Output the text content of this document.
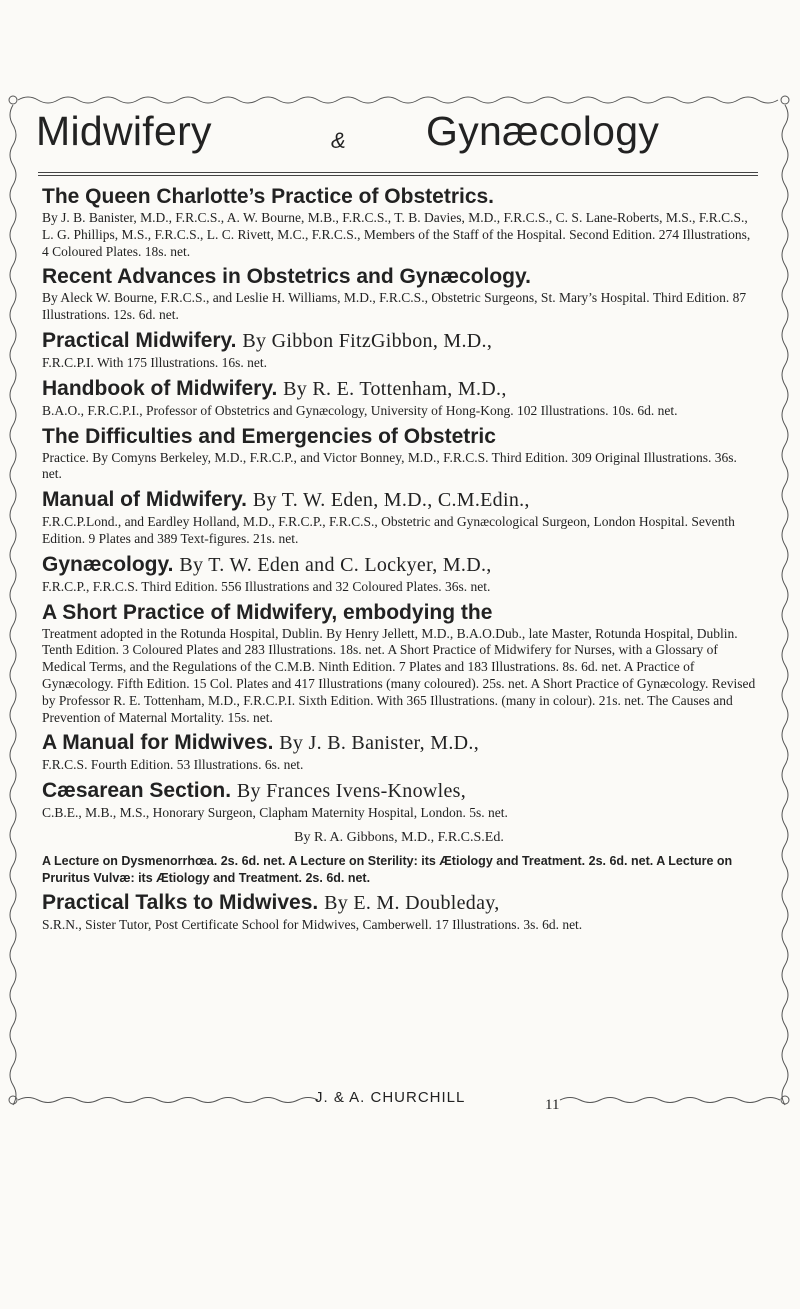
Midwifery	& Gynæcology
The Queen Charlotte’s Practice of Obstetrics.
By J. B. Banister, M.D., F.R.C.S., A. W. Bourne, M.B., F.R.C.S., T. B. Davies, M.D., F.R.C.S., C. S. Lane-Roberts, M.S., F.R.C.S., L. G. Phillips, M.S., F.R.C.S., L. C. Rivett, M.C., F.R.C.S., Members of the Staff of the Hospital. Second Edition. 274 Illustrations, 4 Coloured Plates. 18s. net.
Recent Advances in Obstetrics and Gynæcology.
By Aleck W. Bourne, F.R.C.S., and Leslie H. Williams, M.D., F.R.C.S., Obstetric Surgeons, St. Mary’s Hospital. Third Edition. 87 Illustrations. 12s. 6d. net.
Practical Midwifery. By Gibbon FitzGibbon, M.D.,
F.R.C.P.I. With 175 Illustrations. 16s. net.
Handbook of Midwifery. By R. E. Tottenham, M.D.,
B.A.O., F.R.C.P.I., Professor of Obstetrics and Gynæcology, University of Hong-Kong. 102 Illustrations. 10s. 6d. net.
The Difficulties and Emergencies of Obstetric
Practice. By Comyns Berkeley, M.D., F.R.C.P., and Victor Bonney, M.D., F.R.C.S. Third Edition. 309 Original Illustrations. 36s. net.
Manual of Midwifery. By T. W. Eden, M.D., C.M.Edin.,
F.R.C.P.Lond., and Eardley Holland, M.D., F.R.C.P., F.R.C.S., Obstetric and Gynæcological Surgeon, London Hospital. Seventh Edition. 9 Plates and 389 Text-figures. 21s. net.
Gynæcology. By T. W. Eden and C. Lockyer, M.D.,
F.R.C.P., F.R.C.S. Third Edition. 556 Illustrations and 32 Coloured Plates. 36s. net.
A Short Practice of Midwifery, embodying the
Treatment adopted in the Rotunda Hospital, Dublin. By Henry Jellett, M.D., B.A.O.Dub., late Master, Rotunda Hospital, Dublin. Tenth Edition. 3 Coloured Plates and 283 Illustrations. 18s. net. A Short Practice of Midwifery for Nurses, with a Glossary of Medical Terms, and the Regulations of the C.M.B. Ninth Edition. 7 Plates and 183 Illustrations. 8s. 6d. net. A Practice of Gynæcology. Fifth Edition. 15 Col. Plates and 417 Illustrations (many coloured). 25s. net. A Short Practice of Gynæcology. Revised by Professor R. E. Tottenham, M.D., F.R.C.P.I. Sixth Edition. With 365 Illustrations. (many in colour). 21s. net. The Causes and Prevention of Maternal Mortality. 15s. net.
A Manual for Midwives. By J. B. Banister, M.D.,
F.R.C.S. Fourth Edition. 53 Illustrations. 6s. net.
Cæsarean Section. By Frances Ivens-Knowles,
C.B.E., M.B., M.S., Honorary Surgeon, Clapham Maternity Hospital, London. 5s. net.
By R. A. Gibbons, M.D., F.R.C.S.Ed.
A Lecture on Dysmenorrhœa. 2s. 6d. net. A Lecture on Sterility: its Ætiology and Treatment. 2s. 6d. net. A Lecture on Pruritus Vulvæ: its Ætiology and Treatment. 2s. 6d. net.
Practical Talks to Midwives. By E. M. Doubleday,
S.R.N., Sister Tutor, Post Certificate School for Midwives, Camberwell. 17 Illustrations. 3s. 6d. net.
J. & A. CHURCHILL	11
